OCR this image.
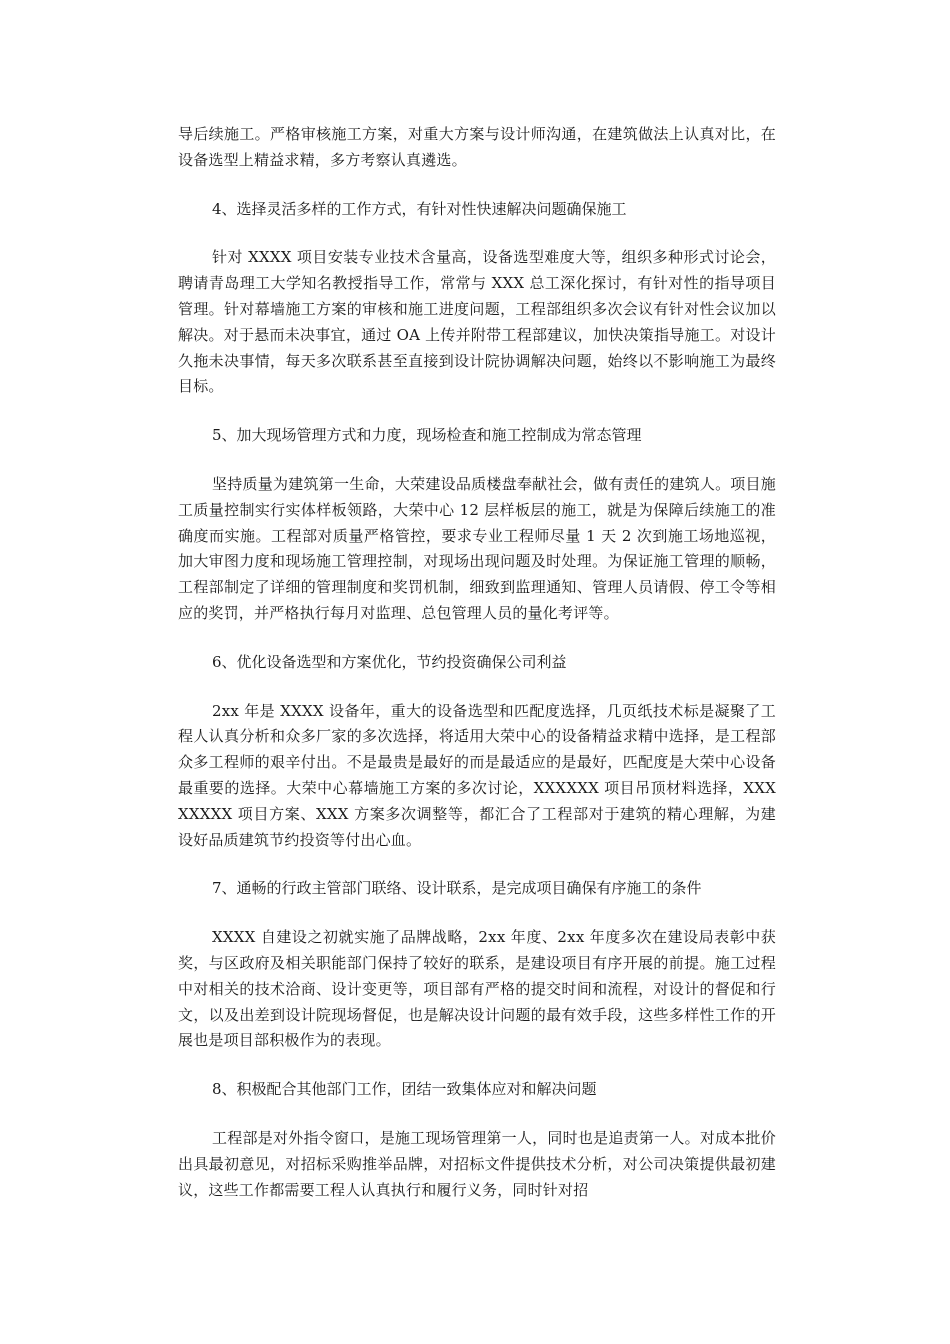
导后续施工。严格审核施工方案，对重大方案与设计师沟通，在建筑做法上认真对比，在设备选型上精益求精，多方考察认真遴选。

4、选择灵活多样的工作方式，有针对性快速解决问题确保施工

针对 XXXX 项目安装专业技术含量高，设备选型难度大等，组织多种形式讨论会，聘请青岛理工大学知名教授指导工作，常常与 XXX 总工深化探讨，有针对性的指导项目管理。针对幕墙施工方案的审核和施工进度问题，工程部组织多次会议有针对性会议加以解决。对于悬而未决事宜，通过 OA 上传并附带工程部建议，加快决策指导施工。对设计久拖未决事情，每天多次联系甚至直接到设计院协调解决问题，始终以不影响施工为最终目标。

5、加大现场管理方式和力度，现场检查和施工控制成为常态管理

坚持质量为建筑第一生命，大荣建设品质楼盘奉献社会，做有责任的建筑人。项目施工质量控制实行实体样板领路，大荣中心 12 层样板层的施工，就是为保障后续施工的准确度而实施。工程部对质量严格管控，要求专业工程师尽量 1 天 2 次到施工场地巡视，加大审图力度和现场施工管理控制，对现场出现问题及时处理。为保证施工管理的顺畅，工程部制定了详细的管理制度和奖罚机制，细致到监理通知、管理人员请假、停工令等相应的奖罚，并严格执行每月对监理、总包管理人员的量化考评等。

6、优化设备选型和方案优化，节约投资确保公司利益

2xx 年是 XXXX 设备年，重大的设备选型和匹配度选择，几页纸技术标是凝聚了工程人认真分析和众多厂家的多次选择，将适用大荣中心的设备精益求精中选择，是工程部众多工程师的艰辛付出。不是最贵是最好的而是最适应的是最好，匹配度是大荣中心设备最重要的选择。大荣中心幕墙施工方案的多次讨论，XXXXXX 项目吊顶材料选择，XXXXXXXX 项目方案、XXX 方案多次调整等，都汇合了工程部对于建筑的精心理解，为建设好品质建筑节约投资等付出心血。

7、通畅的行政主管部门联络、设计联系，是完成项目确保有序施工的条件

XXXX 自建设之初就实施了品牌战略，2xx 年度、2xx 年度多次在建设局表彰中获奖，与区政府及相关职能部门保持了较好的联系，是建设项目有序开展的前提。施工过程中对相关的技术洽商、设计变更等，项目部有严格的提交时间和流程，对设计的督促和行文，以及出差到设计院现场督促，也是解决设计问题的最有效手段，这些多样性工作的开展也是项目部积极作为的表现。

8、积极配合其他部门工作，团结一致集体应对和解决问题

工程部是对外指令窗口，是施工现场管理第一人，同时也是追责第一人。对成本批价出具最初意见，对招标采购推举品牌，对招标文件提供技术分析，对公司决策提供最初建议，这些工作都需要工程人认真执行和履行义务，同时针对招
